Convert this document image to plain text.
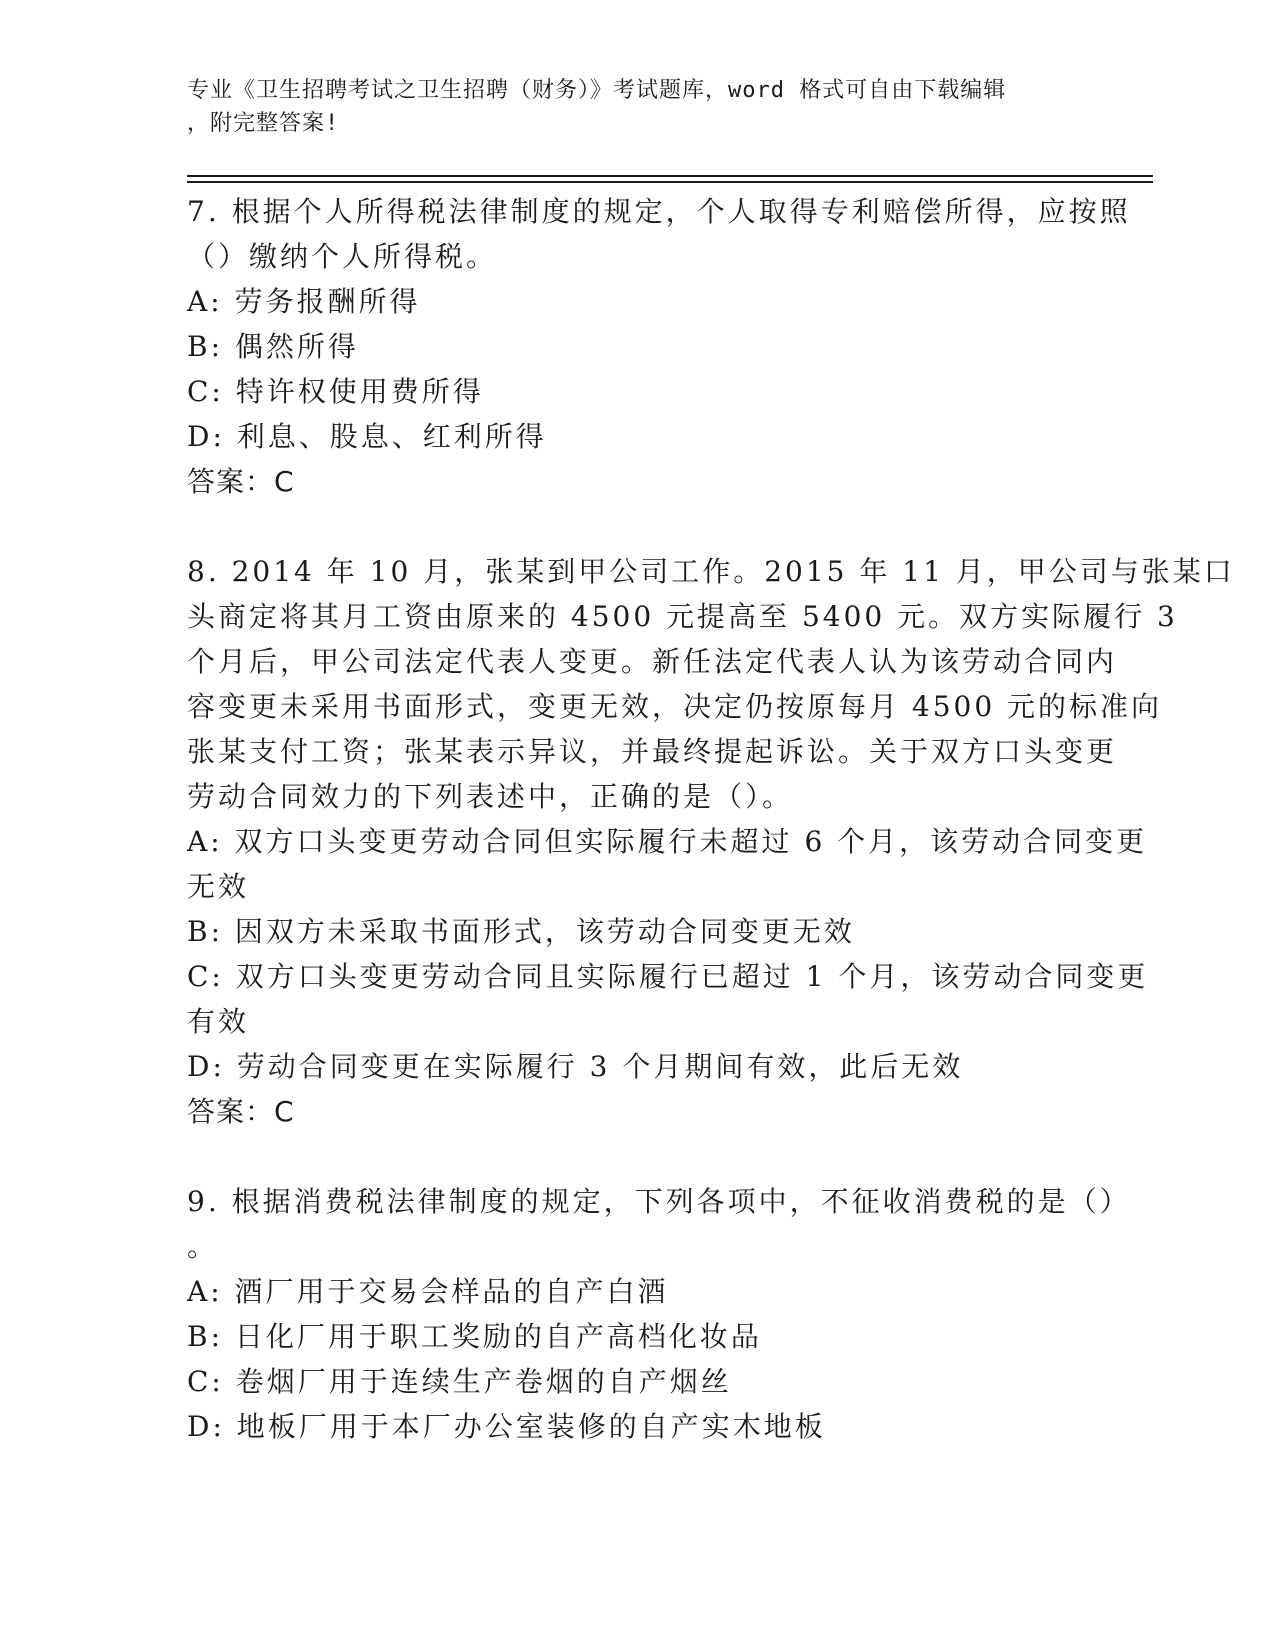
专业《卫生招聘考试之卫生招聘（财务）》考试题库，word 格式可自由下载编辑
，附完整答案!
7. 根据个人所得税法律制度的规定，个人取得专利赔偿所得，应按照
（）缴纳个人所得税。
A: 劳务报酬所得
B: 偶然所得
C: 特许权使用费所得
D: 利息、股息、红利所得
答案：C
8. 2014 年 10 月，张某到甲公司工作。2015 年 11 月，甲公司与张某口
头商定将其月工资由原来的 4500 元提高至 5400 元。双方实际履行 3
个月后，甲公司法定代表人变更。新任法定代表人认为该劳动合同内
容变更未采用书面形式，变更无效，决定仍按原每月 4500 元的标准向
张某支付工资；张某表示异议，并最终提起诉讼。关于双方口头变更
劳动合同效力的下列表述中，正确的是（）。
A: 双方口头变更劳动合同但实际履行未超过 6 个月，该劳动合同变更
无效
B: 因双方未采取书面形式，该劳动合同变更无效
C: 双方口头变更劳动合同且实际履行已超过 1 个月，该劳动合同变更
有效
D: 劳动合同变更在实际履行 3 个月期间有效，此后无效
答案：C
9. 根据消费税法律制度的规定，下列各项中，不征收消费税的是（）
。
A: 酒厂用于交易会样品的自产白酒
B: 日化厂用于职工奖励的自产高档化妆品
C: 卷烟厂用于连续生产卷烟的自产烟丝
D: 地板厂用于本厂办公室装修的自产实木地板
